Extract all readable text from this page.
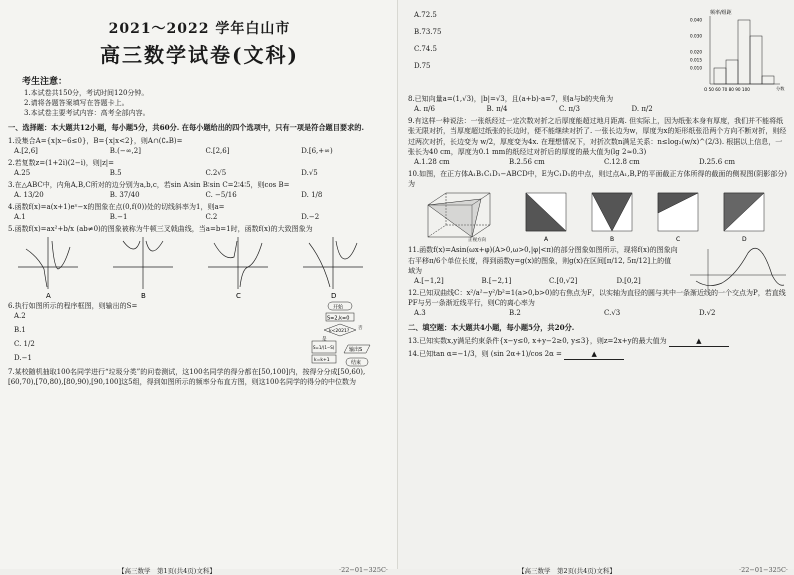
2021～2022 学年白山市
高三数学试卷(文科)
考生注意：
1.本试卷共150分，考试时间120分钟。
2.请将各题答案填写在答题卡上。
3.本试卷主要考试内容：高考全部内容。
一、选择题：本大题共12小题，每小题5分，共60分. 在每小题给出的四个选项中，只有一项是符合题目要求的.
1.设集合A={x|x−6≤0}，B={x|x<2}，则A∩(∁ₐB)=
A.[2,6]	B.(−∞,2]	C.[2,6]	D.[6,+∞)
2.若复数z=(1+2i)(2−i)，则|z|=
A.25	B.5	C.2√5	D.√5
3.在△ABC中，内角A,B,C所对的边分别为a,b,c，若sin A∶sin B∶sin C=2∶4∶5，则cos B=
A. 13/20	B. 37/40	C. −5/16	D. 1/8
4.函数f(x)=a(x+1)eˣ−x的图象在点(0,f(0))处的切线斜率为1，则a=
A.1	B.−1	C.2	D.−2
5.函数f(x)=ax²+b/x (ab≠0)的图象被称为牛顿三叉戟曲线，当a=b=1时，函数f(x)的大致图象为
A	B	C	D
6.执行如图所示的程序框图，则输出的S=
A.2
B.1
C. 1/2
D.−1
开始
S=2,k=0
k<2021?
是
否
S=1/(1−S)
k=k+1
输出S
结束
7.某校随机抽取100名同学进行“垃圾分类”的问卷测试，这100名同学的得分都在[50,100]内，按得分分成[50,60),[60,70),[70,80),[80,90),[90,100]这5组，得到如图所示的频率分布直方图，则这100名同学的得分的中位数为
【高三数学　第1页(共4页)文科】	·22−01−325C·
A.72.5
B.73.75
C.74.5
D.75
频率/组距
O 50 60 70 80 90 100	分数
0.040
0.030
0.020
0.015
0.010
8.已知向量a=(1,√3)，|b|=√3，且(a+b)·a=7，则a与b的夹角为
A. π/6	B. π/4	C. π/3	D. π/2
9.有这样一种说法：一张纸经过一定次数对折之后厚度能超过地月距离. 但实际上，因为纸张本身有厚度，我们并不能将纸张无限对折，当厚度超过纸张的长边时，便不能继续对折了. 一张长边为w，厚度为x的矩形纸张沿两个方向不断对折，则经过两次对折，长边变为 w/2，厚度变为4x. 在理想情况下，对折次数n满足关系：n≤log₂(w/x)^(2/3). 根据以上信息，一张长为40 cm，厚度为0.1 mm的纸经过对折后的厚度的最大值为(lg 2≈0.3)
A.1.28 cm	B.2.56 cm	C.12.8 cm	D.25.6 cm
10.如图，在正方体A₁B₁C₁D₁−ABCD中，E为C₁D₁的中点，则过点A₁,B,P的平面截正方体所得的截面的侧视图(阴影部分)为
正视方向	A	B	C	D
11.函数f(x)=Asin(ωx+φ)(A>0,ω>0,|φ|<π)的部分图象如图所示，现将f(x)的图象向右平移π/6个单位长度，得到函数y=g(x)的图象，则g(x)在区间[π/12, 5π/12]上的值域为
A.[−1,2]	B.[−2,1]	C.[0,√2]	D.[0,2]
12.已知双曲线C：x²/a²−y²/b²=1(a>0,b>0)的右焦点为F，以实轴为直径的圆与其中一条渐近线的一个交点为P，若直线PF与另一条渐近线平行，则C的离心率为
A.3	B.2	C.√3	D.√2
二、填空题：本大题共4小题，每小题5分，共20分.
13.已知实数x,y满足约束条件{x−y≤0, x+y−2≥0, y≤3}，则z=2x+y的最大值为	▲
14.已知tan α=−1/3，则 (sin 2α+1)/cos 2α =	▲
【高三数学　第2页(共4页)文科】	·22−01−325C·
